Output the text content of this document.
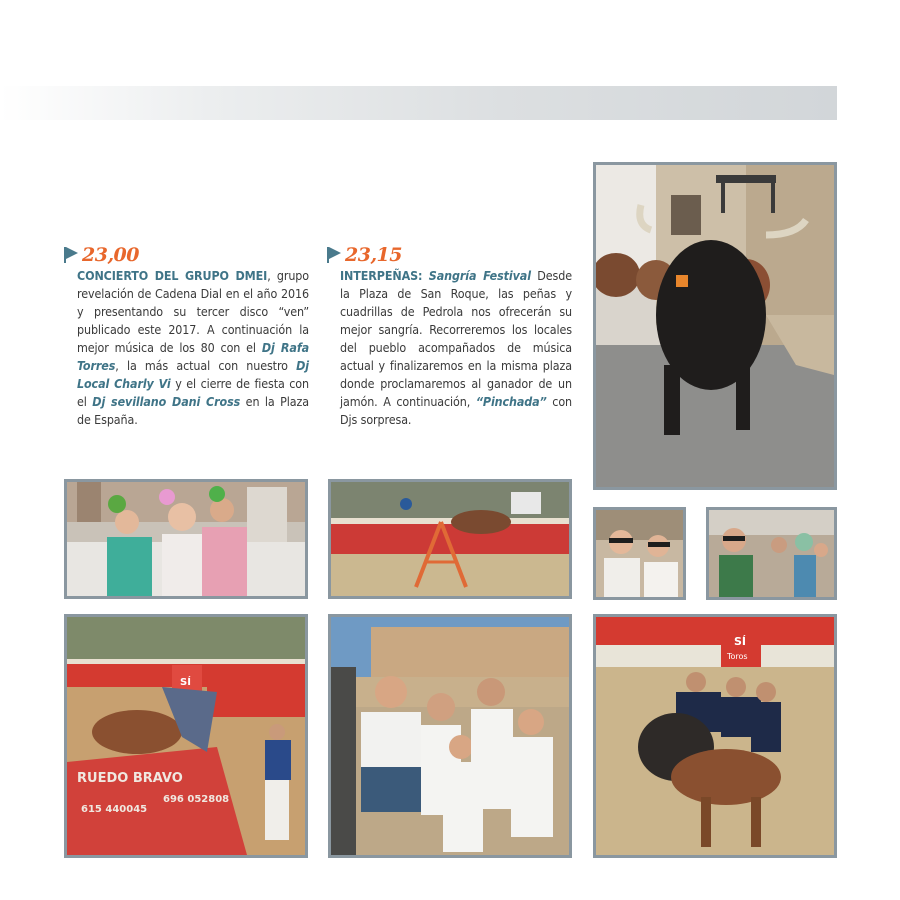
23,00
CONCIERTO DEL GRUPO DMEI, grupo revelación de Cadena Dial en el año 2016 y presentando su tercer disco “ven” publicado este 2017. A continuación la mejor música de los 80 con el Dj Rafa Torres, la más actual con nuestro Dj Local Charly Vi y el cierre de fiesta con el Dj sevillano Dani Cross en la Plaza de España.
23,15
INTERPEÑAS: Sangría Festival Desde la Plaza de San Roque, las peñas y cuadrillas de Pedrola nos ofrecerán su mejor sangría. Recorreremos los locales del pueblo acompañados de música actual y finalizaremos en la misma plaza donde proclamaremos al ganador de un jamón. A continuación, “Pinchada” con Djs sorpresa.
SÍ
RUEDO BRAVO
615 440045
696 052808
SÍ
Toros
